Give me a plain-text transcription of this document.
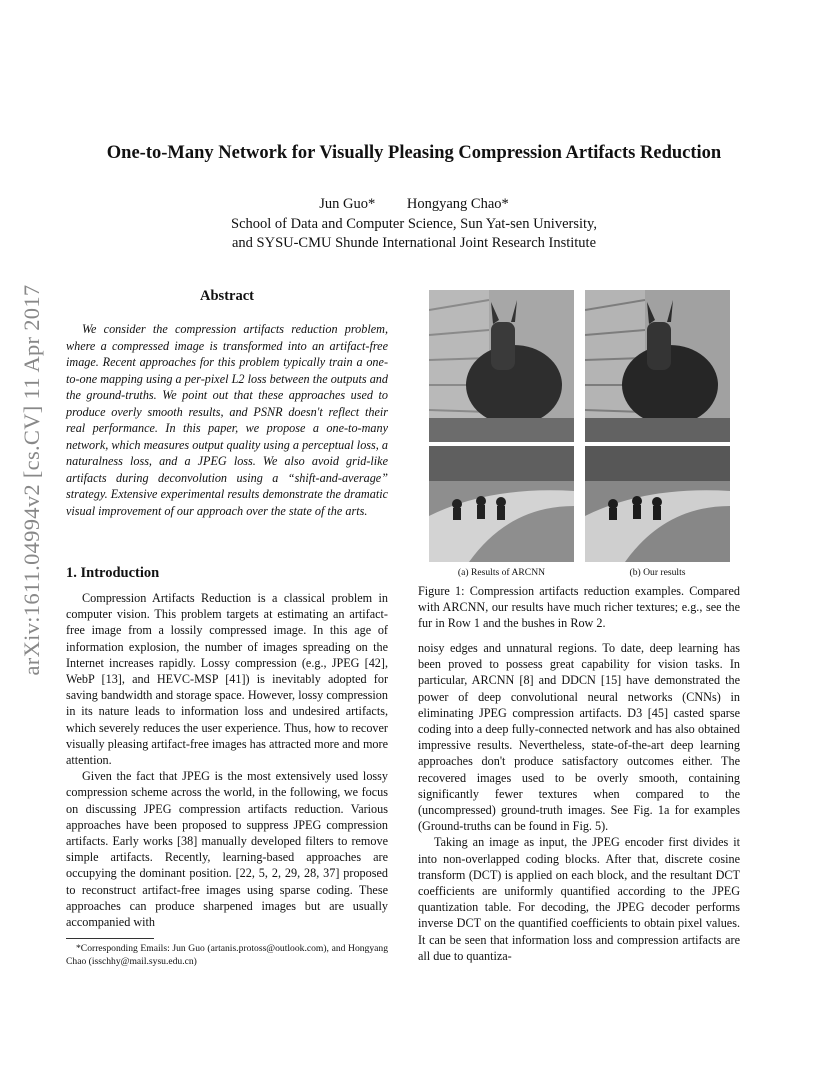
One-to-Many Network for Visually Pleasing Compression Artifacts Reduction
Jun Guo* Hongyang Chao*
School of Data and Computer Science, Sun Yat-sen University,
and SYSU-CMU Shunde International Joint Research Institute
arXiv:1611.04994v2 [cs.CV] 11 Apr 2017	Abstract
We consider the compression artifacts reduction problem, where a compressed image is transformed into an artifact-free image. Recent approaches for this problem typically train a one-to-one mapping using a per-pixel L2 loss between the outputs and the ground-truths. We point out that these approaches used to produce overly smooth results, and PSNR doesn't reflect their real performance. In this paper, we propose a one-to-many network, which measures output quality using a perceptual loss, a naturalness loss, and a JPEG loss. We also avoid grid-like artifacts during deconvolution using a “shift-and-average” strategy. Extensive experimental results demonstrate the dramatic visual improvement of our approach over the state of the arts.
1. Introduction

Compression Artifacts Reduction is a classical problem in computer vision. This problem targets at estimating an artifact-free image from a lossily compressed image. In this age of information explosion, the number of images spreading on the Internet increases rapidly. Lossy compression (e.g., JPEG [42], WebP [13], and HEVC-MSP [41]) is inevitably adopted for saving bandwidth and storage space. However, lossy compression in its nature leads to information loss and undesired artifacts, which severely reduces the user experience. Thus, how to recover visually pleasing artifact-free images has attracted more and more attention.

Given the fact that JPEG is the most extensively used lossy compression scheme across the world, in the following, we focus on discussing JPEG compression artifacts reduction. Various approaches have been proposed to suppress JPEG compression artifacts. Early works [38] manually developed filters to remove simple artifacts. Recently, learning-based approaches are occupying the dominant position. [22, 5, 2, 29, 28, 37] proposed to reconstruct artifact-free images using sparse coding. These approaches can produce sharpened images but are usually accompanied with

*Corresponding Emails: Jun Guo (artanis.protoss@outlook.com), and Hongyang Chao (isschhy@mail.sysu.edu.cn)
(a) Results of ARCNN	(b) Our results
Figure 1: Compression artifacts reduction examples. Compared with ARCNN, our results have much richer textures; e.g., see the fur in Row 1 and the bushes in Row 2.

noisy edges and unnatural regions. To date, deep learning has been proved to possess great capability for vision tasks. In particular, ARCNN [8] and DDCN [15] have demonstrated the power of deep convolutional neural networks (CNNs) in eliminating JPEG compression artifacts. D3 [45] casted sparse coding into a deep fully-connected network and has also obtained impressive results. Nevertheless, state-of-the-art deep learning approaches don't produce satisfactory outcomes either. The recovered images used to be overly smooth, containing significantly fewer textures when compared to the (uncompressed) ground-truth images. See Fig. 1a for examples (Ground-truths can be found in Fig. 5).

Taking an image as input, the JPEG encoder first divides it into non-overlapped coding blocks. After that, discrete cosine transform (DCT) is applied on each block, and the resultant DCT coefficients are uniformly quantified according to the JPEG quantization table. For decoding, the JPEG decoder performs inverse DCT on the quantified coefficients to obtain pixel values. It can be seen that information loss and compression artifacts are all due to quantiza-
